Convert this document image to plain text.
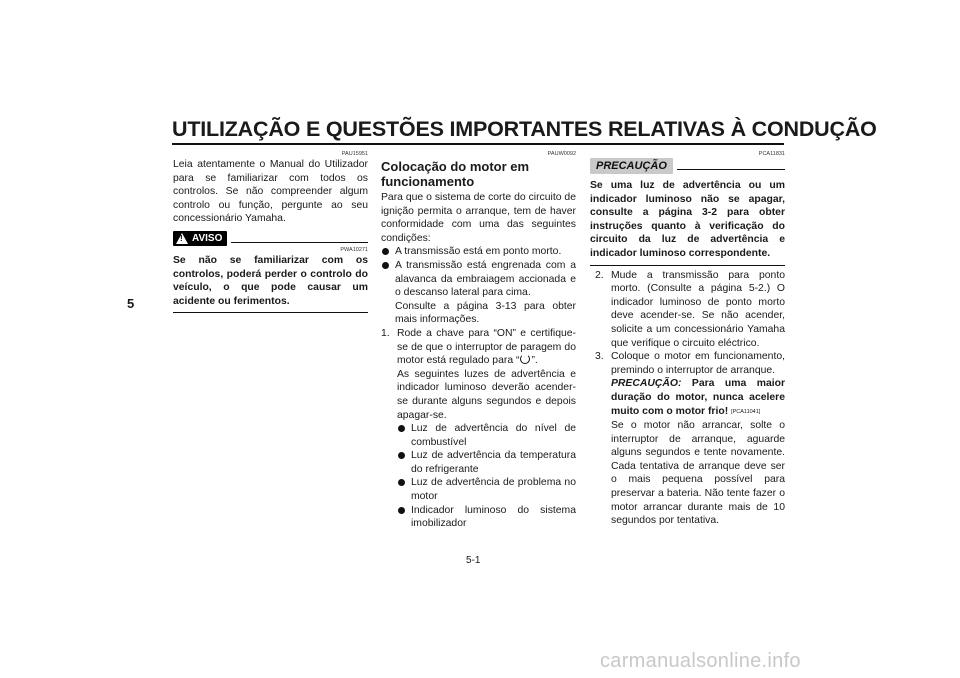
UTILIZAÇÃO E QUESTÕES IMPORTANTES RELATIVAS À CONDUÇÃO
5
PAU15951

Leia atentamente o Manual do Utilizador para se familiarizar com todos os controlos. Se não compreender algum controlo ou função, pergunte ao seu concessionário Yamaha.

!
AVISO
PWA10271

Se não se familiarizar com os controlos, poderá perder o controlo do veículo, o que pode causar um acidente ou ferimentos.

PAUW0092
Colocação do motor em funcionamento

Para que o sistema de corte do circuito de ignição permita o arranque, tem de haver conformidade com uma das seguintes condições:

A transmissão está em ponto morto.
A transmissão está engrenada com a alavanca da embraiagem accionada e o descanso lateral para cima.

Consulte a página 3-13 para obter mais informações.

1. Rode a chave para “ON” e certifique-se de que o interruptor de paragem do motor está regulado para “ ”.

As seguintes luzes de advertência e indicador luminoso deverão acender-se durante alguns segundos e depois apagar-se.

Luz de advertência do nível de combustível
Luz de advertência da temperatura do refrigerante
Luz de advertência de problema no motor
Indicador luminoso do sistema imobilizador
PCA11831
PRECAUÇÃO

Se uma luz de advertência ou um indicador luminoso não se apagar, consulte a página 3-2 para obter instruções quanto à verificação do circuito da luz de advertência e indicador luminoso correspondente.

2. Mude a transmissão para ponto morto. (Consulte a página 5-2.) O indicador luminoso de ponto morto deve acender-se. Se não acender, solicite a um concessionário Yamaha que verifique o circuito eléctrico.

3. Coloque o motor em funcionamento, premindo o interruptor de arranque.

PRECAUÇÃO: Para uma maior duração do motor, nunca acelere muito com o motor frio! [PCA11041]

Se o motor não arrancar, solte o interruptor de arranque, aguarde alguns segundos e tente novamente. Cada tentativa de arranque deve ser o mais pequena possível para preservar a bateria. Não tente fazer o motor arrancar durante mais de 10 segundos por tentativa.

5-1
carmanualsonline.info
